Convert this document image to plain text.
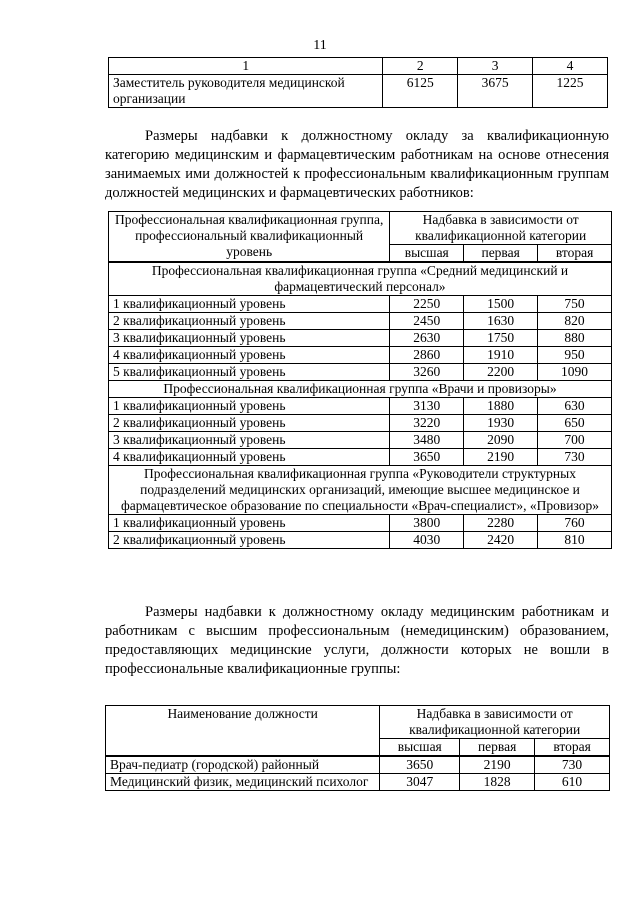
11
1	2	3	4
Заместитель руководителя медицинской организации	6125	3675	1225
Размеры надбавки к должностному окладу за квалификационную категорию медицинским и фармацевтическим работникам на основе отнесения занимаемых ими должностей к профессиональным квалификационным группам должностей медицинских и фармацевтических работников:
Профессиональная квалификационная группа, профессиональный квалификационный уровень	Надбавка в зависимости от квалификационной категории		
	высшая	первая	вторая
Профессиональная квалификационная группа «Средний медицинский и фармацевтический персонал»			
1 квалификационный уровень	2250	1500	750
2 квалификационный уровень	2450	1630	820
3 квалификационный уровень	2630	1750	880
4 квалификационный уровень	2860	1910	950
5 квалификационный уровень	3260	2200	1090
Профессиональная квалификационная группа «Врачи и провизоры»			
1 квалификационный уровень	3130	1880	630
2 квалификационный уровень	3220	1930	650
3 квалификационный уровень	3480	2090	700
4 квалификационный уровень	3650	2190	730
Профессиональная квалификационная группа «Руководители структурных подразделений медицинских организаций, имеющие высшее медицинское и фармацевтическое образование по специальности «Врач-специалист», «Провизор»			
1 квалификационный уровень	3800	2280	760
2 квалификационный уровень	4030	2420	810
Размеры надбавки к должностному окладу медицинским работникам и работникам с высшим профессиональным (немедицинским) образованием, предоставляющих медицинские услуги, должности которых не вошли в профессиональные квалификационные группы:
Наименование должности	Надбавка в зависимости от квалификационной категории		
	высшая	первая	вторая
Врач-педиатр (городской) районный	3650	2190	730
Медицинский физик, медицинский психолог	3047	1828	610
